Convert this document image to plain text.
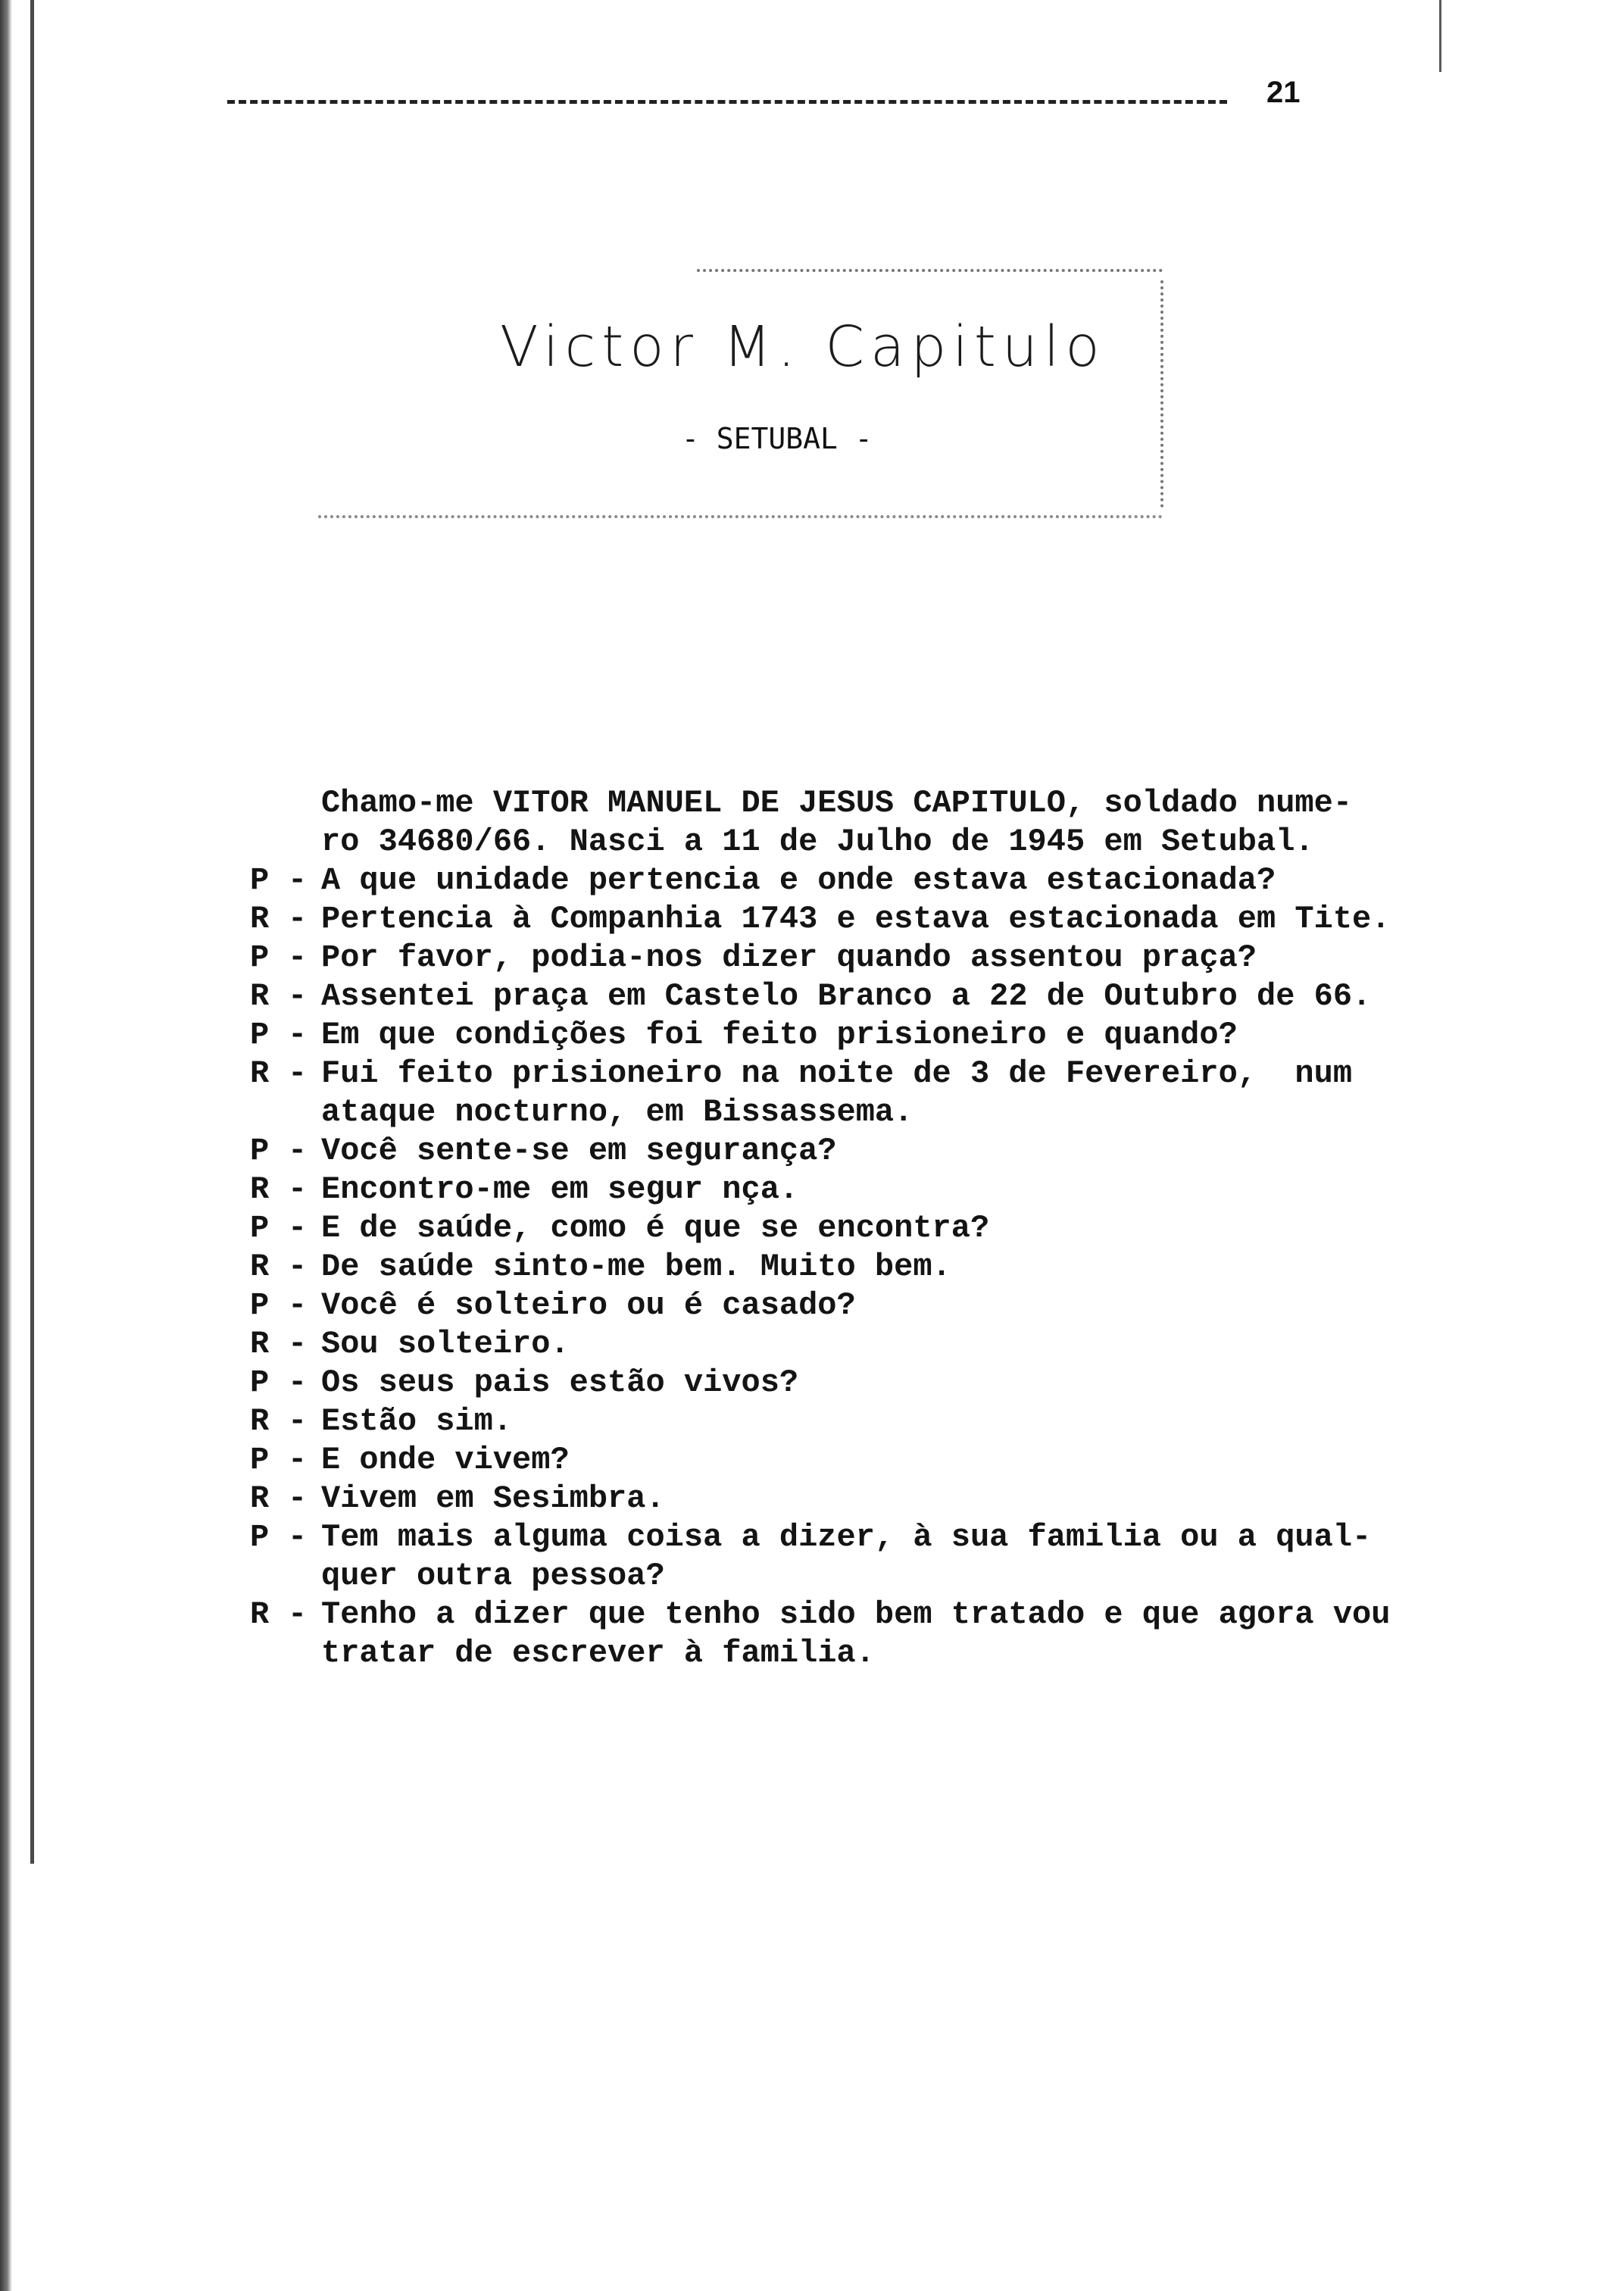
21
Victor M. Capitulo
- SETUBAL -
Chamo-me VITOR MANUEL DE JESUS CAPITULO, soldado nume-
ro 34680/66. Nasci a 11 de Julho de 1945 em Setubal.
P - A que unidade pertencia e onde estava estacionada?
R - Pertencia à Companhia 1743 e estava estacionada em Tite.
P - Por favor, podia-nos dizer quando assentou praça?
R - Assentei praça em Castelo Branco a 22 de Outubro de 66.
P - Em que condições foi feito prisioneiro e quando?
R - Fui feito prisioneiro na noite de 3 de Fevereiro,  num
ataque nocturno, em Bissassema.
P - Você sente-se em segurança?
R - Encontro-me em segur nça.
P - E de saúde, como é que se encontra?
R - De saúde sinto-me bem. Muito bem.
P - Você é solteiro ou é casado?
R - Sou solteiro.
P - Os seus pais estão vivos?
R - Estão sim.
P - E onde vivem?
R - Vivem em Sesimbra.
P - Tem mais alguma coisa a dizer, à sua familia ou a qual-
quer outra pessoa?
R - Tenho a dizer que tenho sido bem tratado e que agora vou
tratar de escrever à familia.
